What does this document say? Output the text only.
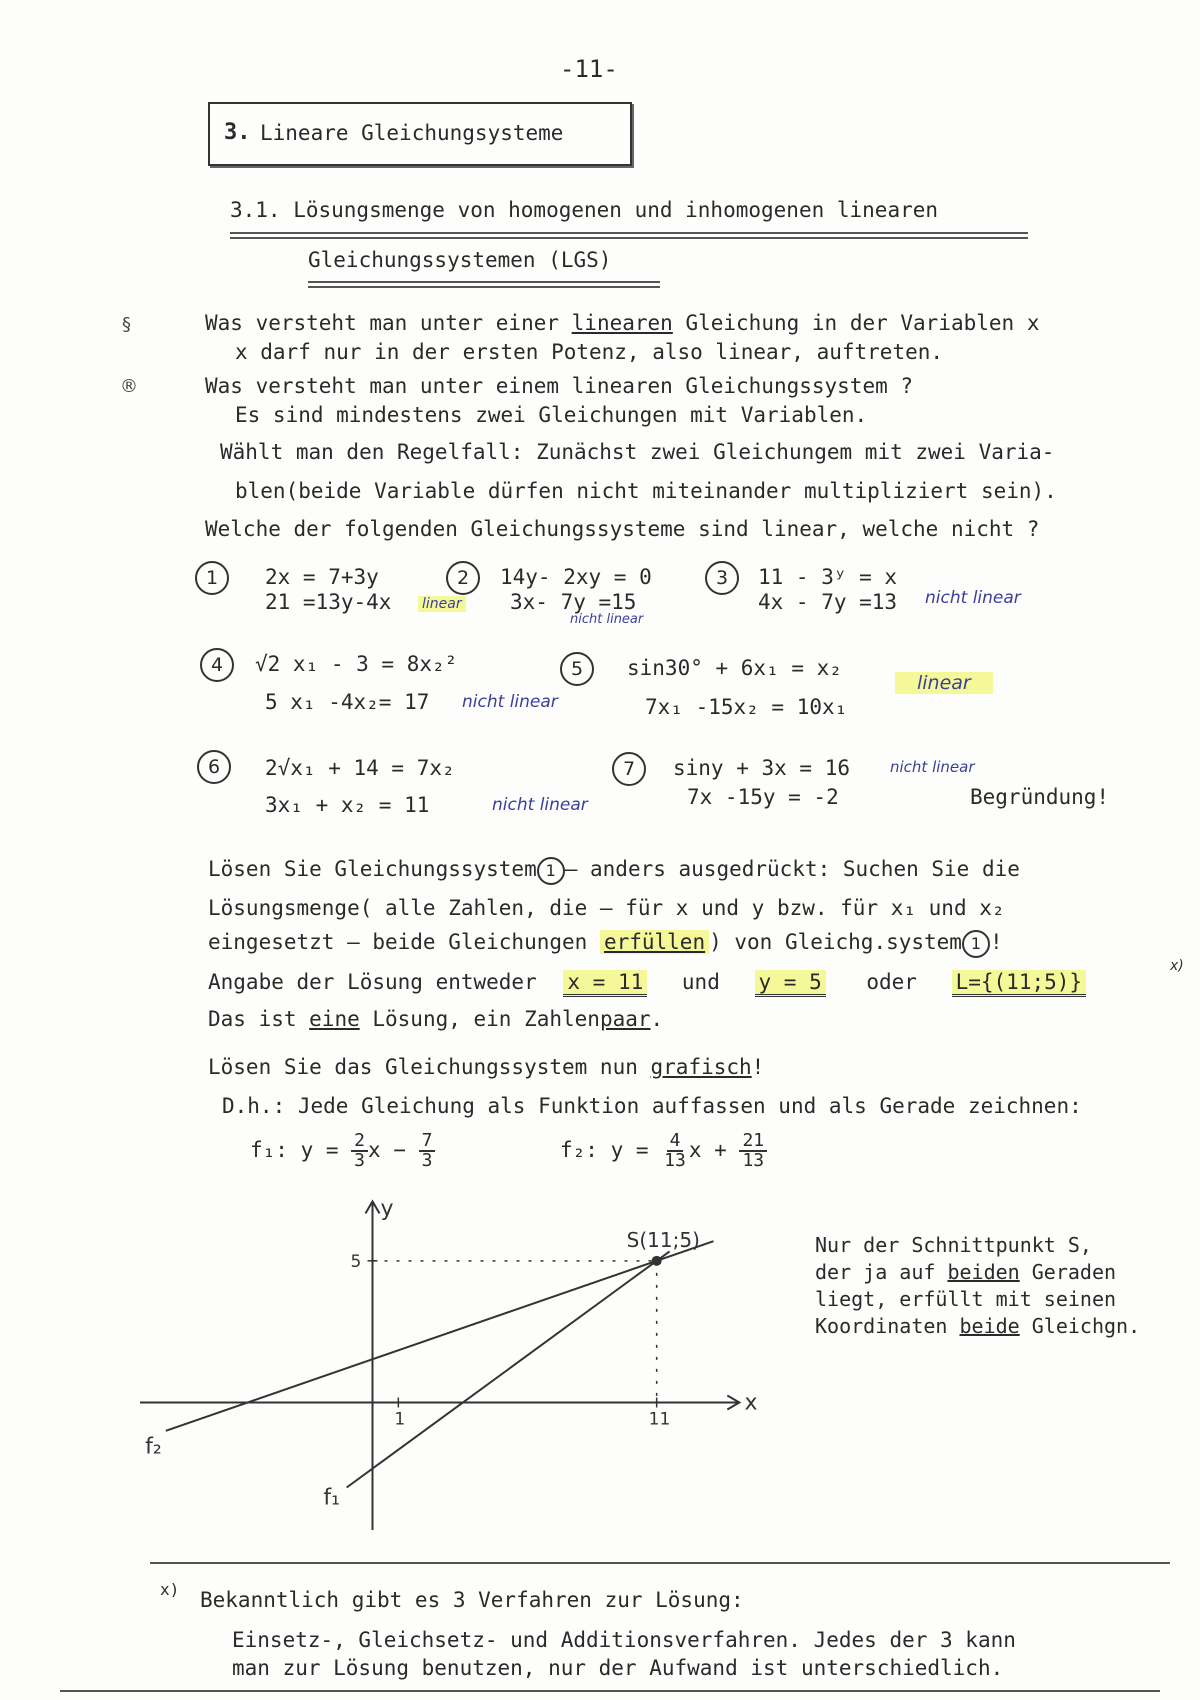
-11-
3. Lineare Gleichungsysteme
3.1. Lösungsmenge von homogenen und inhomogenen linearen
Gleichungssystemen (LGS)
§	Was versteht man unter einer linearen Gleichung in der Variablen x
x darf nur in der ersten Potenz, also linear, auftreten.
®	Was versteht man unter einem linearen Gleichungssystem ?
Es sind mindestens zwei Gleichungen mit Variablen.
Wählt man den Regelfall: Zunächst zwei Gleichungem mit zwei Varia-
blen(beide Variable dürfen nicht miteinander multipliziert sein).
Welche der folgenden Gleichungssysteme sind linear, welche nicht ?
1	2x = 7+3y
21 =13y-4x linear
2	14y- 2xy = 0
3x- 7y =15
nicht linear
3	11 - 3ʸ = x
4x - 7y =13 nicht linear
4	√2 x₁ - 3 = 8x₂²
5 x₁ -4x₂= 17 nicht linear
5	sin30° + 6x₁ = x₂
7x₁ -15x₂ = 10x₁
linear
6	2√x₁ + 14 = 7x₂
3x₁ + x₂ = 11	nicht linear
7	siny + 3x = 16
7x -15y = -2
nicht linear
Begründung!
Lösen Sie Gleichungssystem 1 — anders ausgedrückt: Suchen Sie die
Lösungsmenge( alle Zahlen, die — für x und y bzw. für x₁ und x₂
eingesetzt — beide Gleichungen erfüllen ) von Gleichg.system 1 !
Angabe der Lösung entweder x = 11 und y = 5 oder L={(11;5)}
x)
Das ist eine Lösung, ein Zahlenpaar.
Lösen Sie das Gleichungssystem nun grafisch!
D.h.: Jede Gleichung als Funktion auffassen und als Gerade zeichnen:
f₁: $y = \frac{2}{3}$ $x - \frac{7}{3}$	f₂: $y = \frac{4}{13}$ $x + \frac{21}{13}$
x
y
1	11
5
f₁
f₂
S(11;5)	Nur der Schnittpunkt S,
der ja auf beiden Geraden
liegt, erfüllt mit seinen
Koordinaten beide Gleichgn.
x) Bekanntlich gibt es 3 Verfahren zur Lösung:
Einsetz-, Gleichsetz- und Additionsverfahren. Jedes der 3 kann
man zur Lösung benutzen, nur der Aufwand ist unterschiedlich.
